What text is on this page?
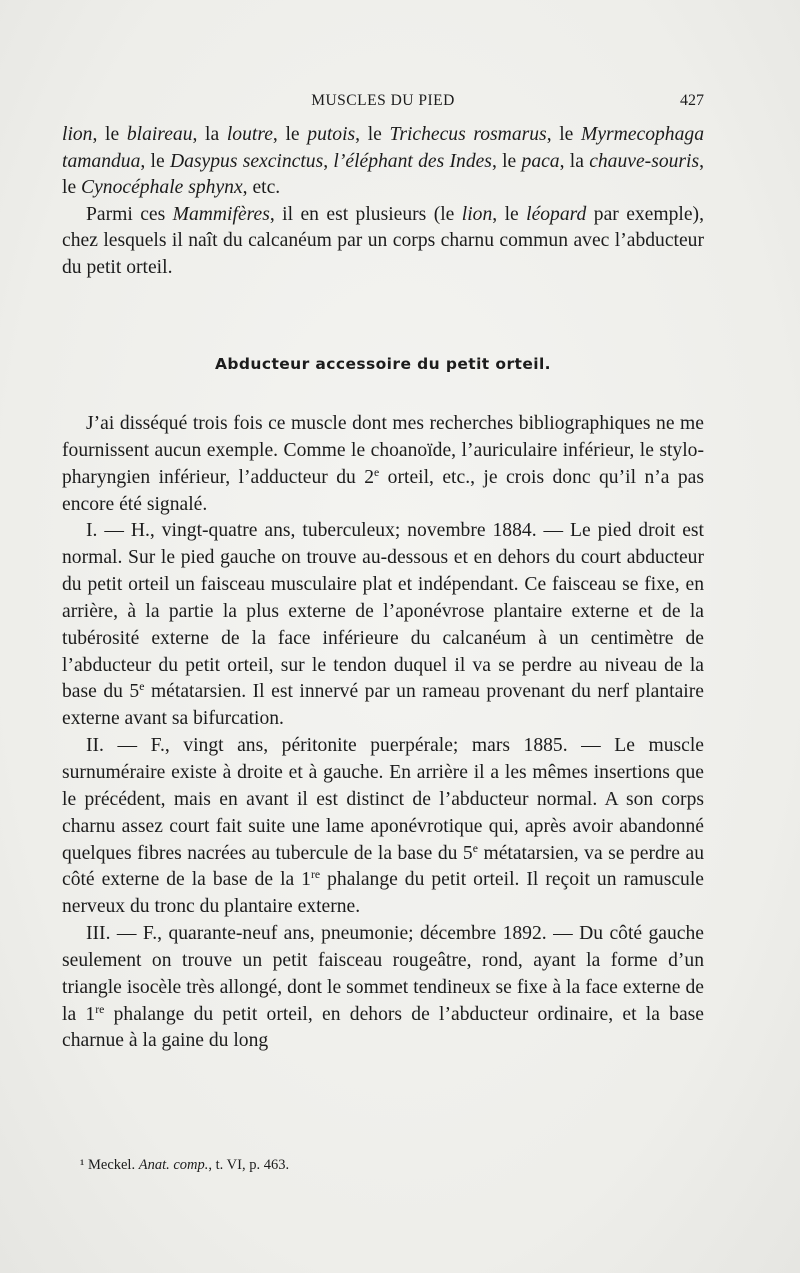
MUSCLES DU PIED	427

lion, le blaireau, la loutre, le putois, le Trichecus rosmarus, le Myrmecophaga tamandua, le Dasypus sexcinctus, l’éléphant des Indes, le paca, la chauve-souris, le Cynocéphale sphynx, etc.

Parmi ces Mammifères, il en est plusieurs (le lion, le léopard par exemple), chez lesquels il naît du calcanéum par un corps charnu commun avec l’abducteur du petit orteil.

Abducteur accessoire du petit orteil.

J’ai disséqué trois fois ce muscle dont mes recherches bibliographiques ne me fournissent aucun exemple. Comme le choanoïde, l’auriculaire inférieur, le stylo-pharyngien inférieur, l’adducteur du 2e orteil, etc., je crois donc qu’il n’a pas encore été signalé.

I. — H., vingt-quatre ans, tuberculeux; novembre 1884. — Le pied droit est normal. Sur le pied gauche on trouve au-dessous et en dehors du court abducteur du petit orteil un faisceau musculaire plat et indépendant. Ce faisceau se fixe, en arrière, à la partie la plus externe de l’aponévrose plantaire externe et de la tubérosité externe de la face inférieure du calcanéum à un centimètre de l’abducteur du petit orteil, sur le tendon duquel il va se perdre au niveau de la base du 5e métatarsien. Il est innervé par un rameau provenant du nerf plantaire externe avant sa bifurcation.

II. — F., vingt ans, péritonite puerpérale; mars 1885. — Le muscle surnuméraire existe à droite et à gauche. En arrière il a les mêmes insertions que le précédent, mais en avant il est distinct de l’abducteur normal. A son corps charnu assez court fait suite une lame aponévrotique qui, après avoir abandonné quelques fibres nacrées au tubercule de la base du 5e métatarsien, va se perdre au côté externe de la base de la 1re phalange du petit orteil. Il reçoit un ramuscule nerveux du tronc du plantaire externe.

III. — F., quarante-neuf ans, pneumonie; décembre 1892. — Du côté gauche seulement on trouve un petit faisceau rougeâtre, rond, ayant la forme d’un triangle isocèle très allongé, dont le sommet tendineux se fixe à la face externe de la 1re phalange du petit orteil, en dehors de l’abducteur ordinaire, et la base charnue à la gaine du long

¹ Meckel. Anat. comp., t. VI, p. 463.
